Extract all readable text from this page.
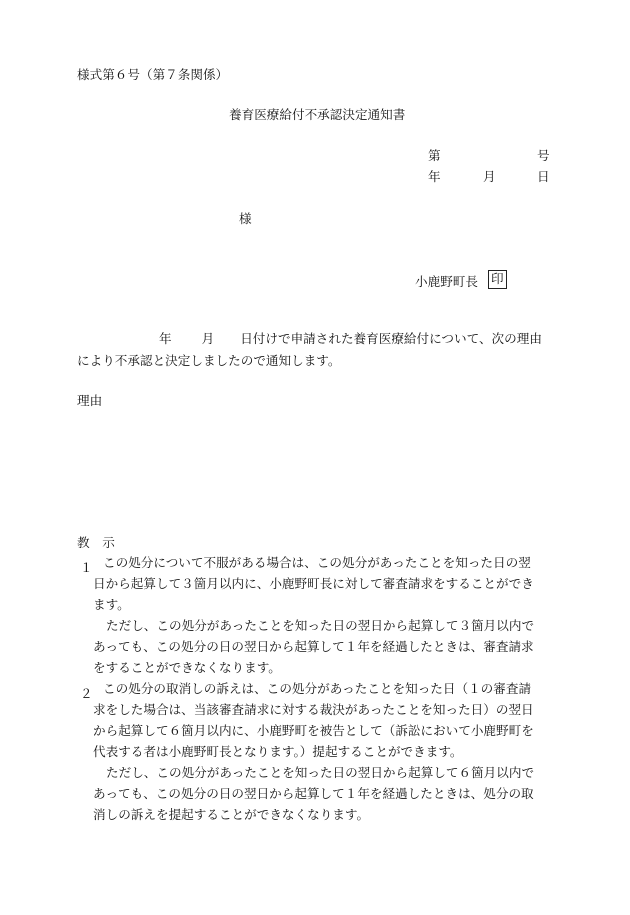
様式第６号（第７条関係）
養育医療給付不承認決定通知書
第	号
年	月	日
様
小鹿野町長 印
年 月 日付けで申請された養育医療給付について、次の理由
により不承認と決定しましたので通知します。
理由
教　示
１ この処分について不服がある場合は、この処分があったことを知った日の翌
日から起算して３箇月以内に、小鹿野町長に対して審査請求をすることができ
ます。
ただし、この処分があったことを知った日の翌日から起算して３箇月以内で
あっても、この処分の日の翌日から起算して１年を経過したときは、審査請求
をすることができなくなります。
２ この処分の取消しの訴えは、この処分があったことを知った日（１の審査請
求をした場合は、当該審査請求に対する裁決があったことを知った日）の翌日
から起算して６箇月以内に、小鹿野町を被告として（訴訟において小鹿野町を
代表する者は小鹿野町長となります。）提起することができます。
ただし、この処分があったことを知った日の翌日から起算して６箇月以内で
あっても、この処分の日の翌日から起算して１年を経過したときは、処分の取
消しの訴えを提起することができなくなります。
